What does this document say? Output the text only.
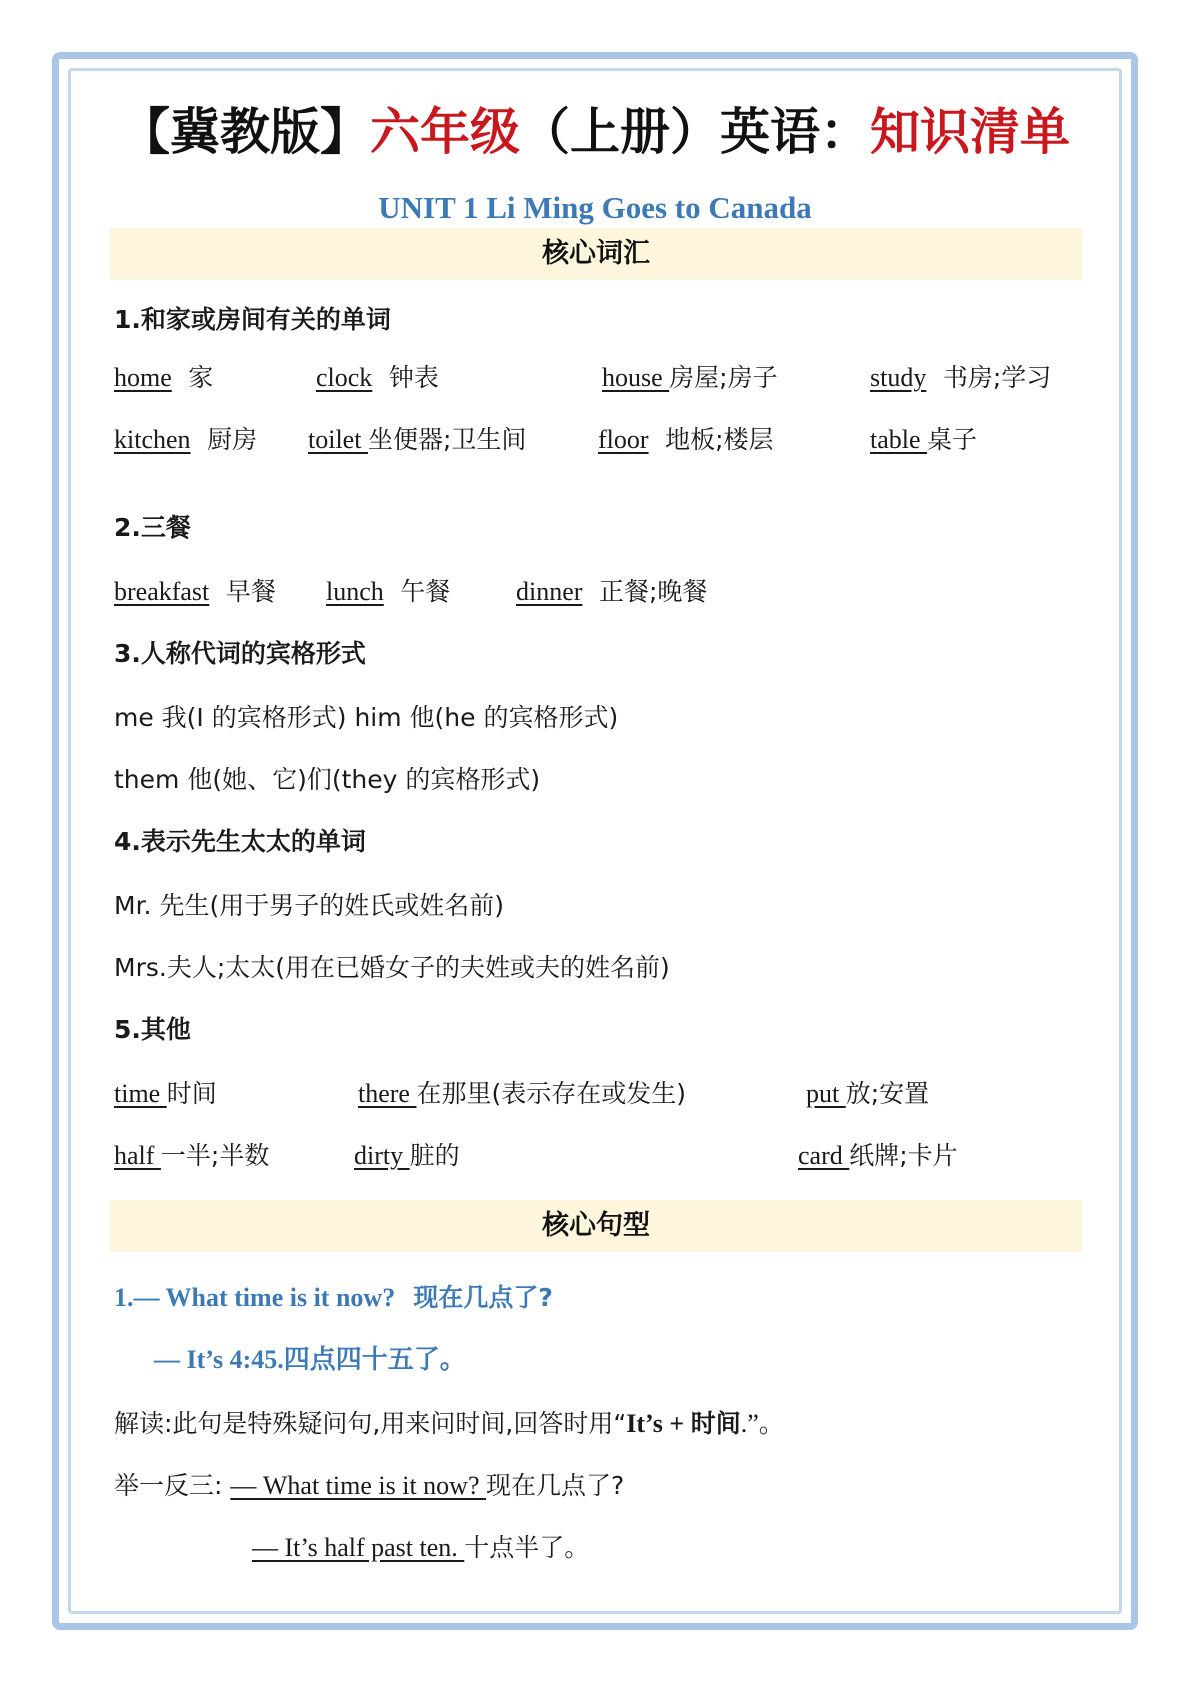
【冀教版】六年级（上册）英语：知识清单
UNIT 1 Li Ming Goes to Canada
核心词汇
1.和家或房间有关的单词
home 家	clock 钟表	house 房屋;房子	study 书房;学习
kitchen 厨房 toilet 坐便器;卫生间	floor 地板;楼层	table 桌子
2.三餐
breakfast 早餐 lunch 午餐	dinner 正餐;晚餐
3.人称代词的宾格形式
me 我(I 的宾格形式) him 他(he 的宾格形式)
them 他(她、它)们(they 的宾格形式)
4.表示先生太太的单词
Mr. 先生(用于男子的姓氏或姓名前)
Mrs.夫人;太太(用在已婚女子的夫姓或夫的姓名前)
5.其他
time 时间	there 在那里(表示存在或发生)	put 放;安置
half 一半;半数	dirty 脏的	card 纸牌;卡片
核心句型
1.— What time is it now? 现在几点了?
— It’s 4:45.四点四十五了。
解读:此句是特殊疑问句,用来问时间,回答时用“It’s + 时间.”。
举一反三: — What time is it now? 现在几点了?
— It’s half past ten. 十点半了。
